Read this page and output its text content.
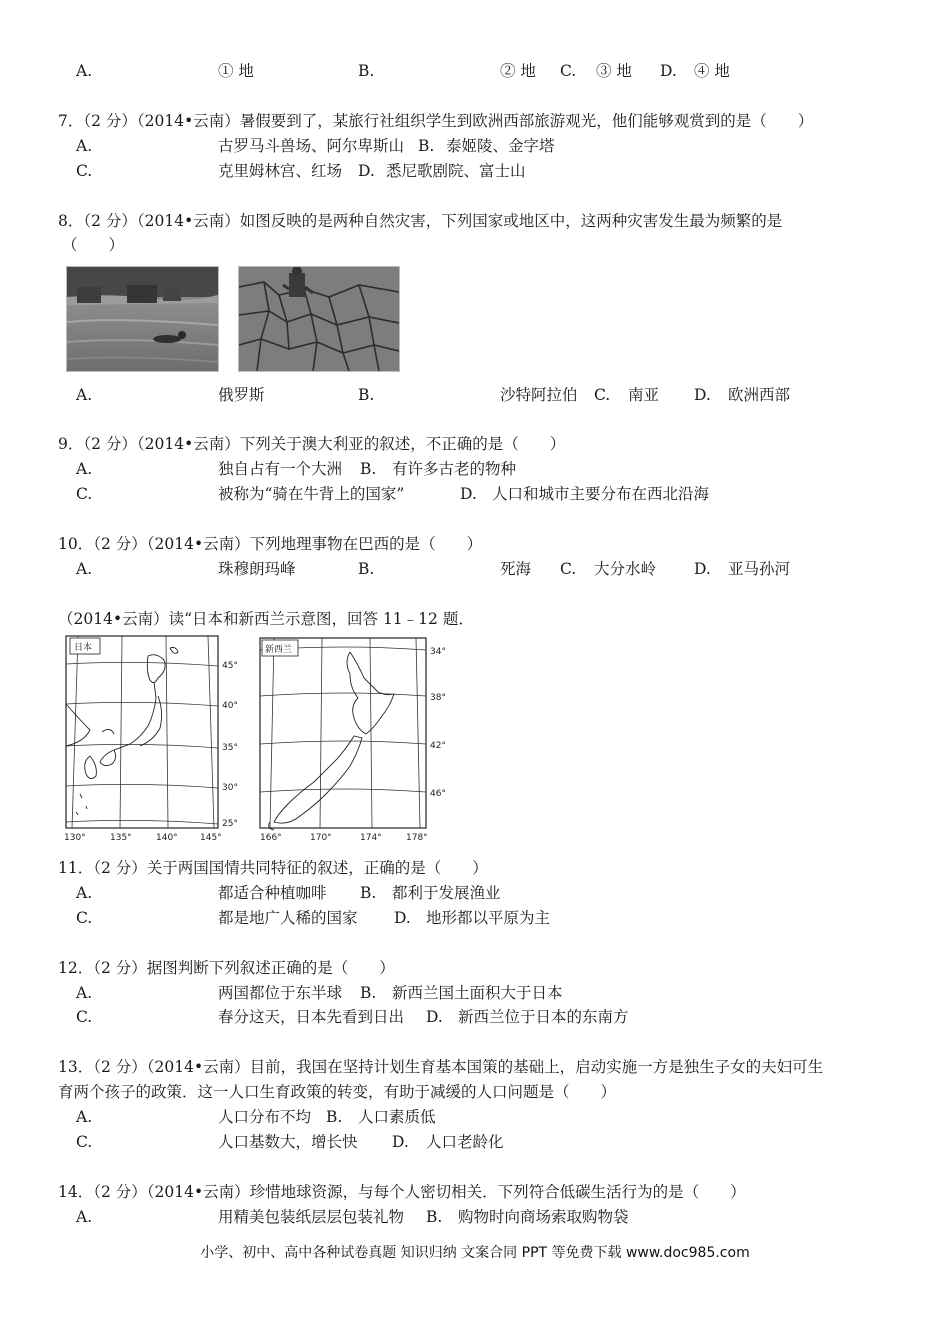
A.	① 地	B.	② 地 C. ③ 地 D. ④ 地
7．（2 分）（2014•云南）暑假要到了，某旅行社组织学生到欧洲西部旅游观光，他们能够观赏到的是（　　）
A.	古罗马斗兽场、阿尔卑斯山 B. 泰姬陵、金字塔
C.	克里姆林宫、红场 D. 悉尼歌剧院、富士山
8．（2 分）（2014•云南）如图反映的是两种自然灾害，下列国家或地区中，这两种灾害发生最为频繁的是
（　　）
A.	俄罗斯	B.	沙特阿拉伯 C. 南亚 D. 欧洲西部
9．（2 分）（2014•云南）下列关于澳大利亚的叙述，不正确的是（　　）
A.	独自占有一个大洲 B. 有许多古老的物种
C.	被称为“骑在牛背上的国家”	D. 人口和城市主要分布在西北沿海
10．（2 分）（2014•云南）下列地理事物在巴西的是（　　）
A.	珠穆朗玛峰	B.	死海 C. 大分水岭 D. 亚马孙河
（2014•云南）读“日本和新西兰示意图，回答 11﹣12 题．
日本
45°
40°
35°
30°
25°
130°	135°	140° 145°
新西兰	34°
38°
42°
46°
166°	170°	174°	178°
11．（2 分）关于两国国情共同特征的叙述，正确的是（　　）
A.	都适合种植咖啡 B. 都利于发展渔业
C.	都是地广人稀的国家 D. 地形都以平原为主
12．（2 分）据图判断下列叙述正确的是（　　）
A.	两国都位于东半球 B. 新西兰国土面积大于日本
C.	春分这天，日本先看到日出 D. 新西兰位于日本的东南方
13．（2 分）（2014•云南）目前，我国在坚持计划生育基本国策的基础上，启动实施一方是独生子女的夫妇可生
育两个孩子的政策．这一人口生育政策的转变，有助于减缓的人口问题是（　　）
A.	人口分布不均 B. 人口素质低
C.	人口基数大，增长快 D. 人口老龄化
14．（2 分）（2014•云南）珍惜地球资源，与每个人密切相关．下列符合低碳生活行为的是（　　）
A.	用精美包装纸层层包装礼物 B. 购物时向商场索取购物袋
小学、初中、高中各种试卷真题 知识归纳 文案合同 PPT 等免费下载 www.doc985.com
